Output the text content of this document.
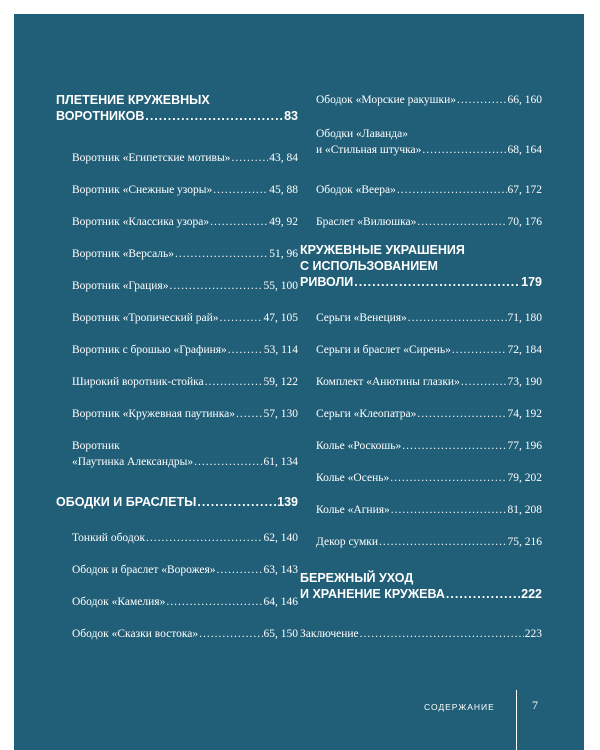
ПЛЕТЕНИЕ КРУЖЕВНЫХ
ВОРОТНИКОВ .....	83
Воротник «Египетские мотивы» .....	43, 84
Воротник «Снежные узоры» .....	45, 88
Воротник «Классика узора» .....	49, 92
Воротник «Версаль» .....	51, 96
Воротник «Грация» .....	55, 100
Воротник «Тропический рай» .....	47, 105
Воротник с брошью «Графиня» .....	53, 114
Широкий воротник-стойка .....	59, 122
Воротник «Кружевная паутинка» ..... 57, 130
Воротник
«Паутинка Александры» .....	61, 134
ОБОДКИ И БРАСЛЕТЫ .....	139
Тонкий ободок .....	62, 140
Ободок и браслет «Ворожея» .....	63, 143
Ободок «Камелия» .....	64, 146
Ободок «Сказки востока» .....	65, 150
Ободок «Морские ракушки» .....	66, 160
Ободки «Лаванда»
и «Стильная штучка» .....	68, 164
Ободок «Веера» .....	67, 172
Браслет «Вилюшка» .....	70, 176
КРУЖЕВНЫЕ УКРАШЕНИЯ
С ИСПОЛЬЗОВАНИЕМ
РИВОЛИ .....	179
Серьги «Венеция» .....	71, 180
Серьги и браслет «Сирень» .....	72, 184
Комплект «Анютины глазки» .....	73, 190
Серьги «Клеопатра» .....	74, 192
Колье «Роскошь» .....	77, 196
Колье «Осень» .....	79, 202
Колье «Агния» .....	81, 208
Декор сумки .....	75, 216
БЕРЕЖНЫЙ УХОД
И ХРАНЕНИЕ КРУЖЕВА .....	222
Заключение .....	223
СОДЕРЖАНИЕ	7
